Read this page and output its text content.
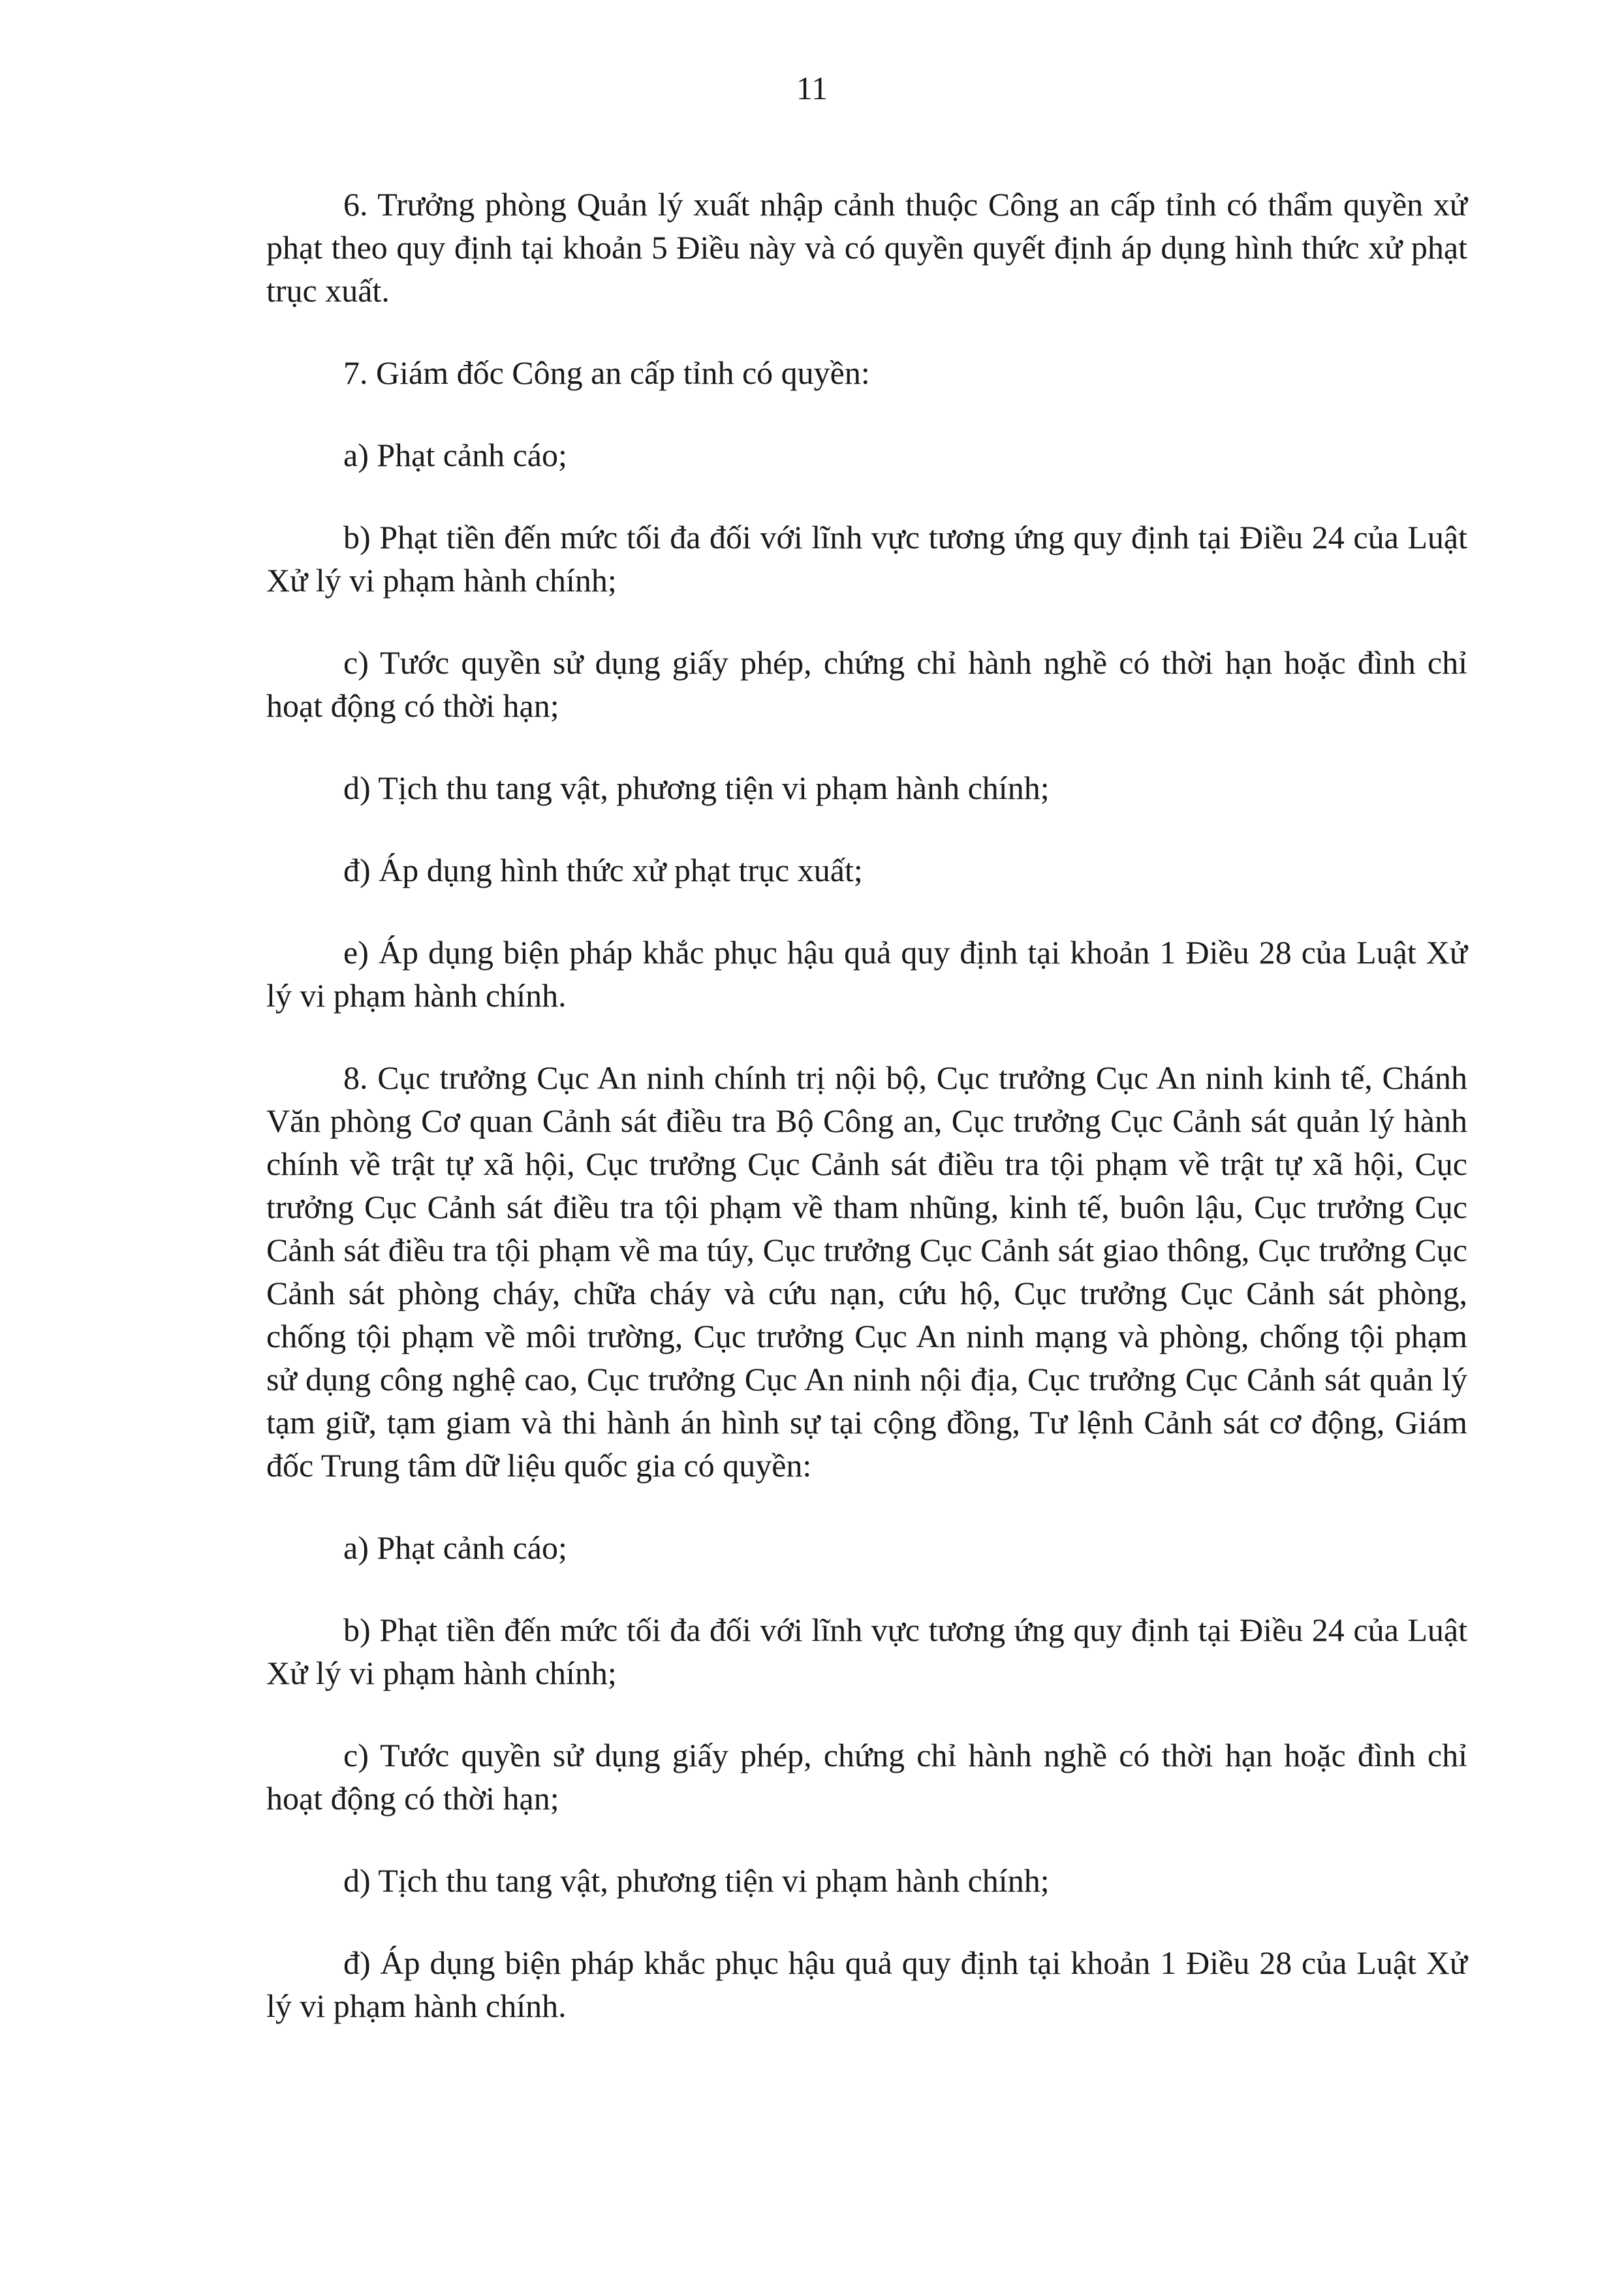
11

6. Trưởng phòng Quản lý xuất nhập cảnh thuộc Công an cấp tỉnh có thẩm quyền xử phạt theo quy định tại khoản 5 Điều này và có quyền quyết định áp dụng hình thức xử phạt trục xuất.

7. Giám đốc Công an cấp tỉnh có quyền:

a) Phạt cảnh cáo;

b) Phạt tiền đến mức tối đa đối với lĩnh vực tương ứng quy định tại Điều 24 của Luật Xử lý vi phạm hành chính;

c) Tước quyền sử dụng giấy phép, chứng chỉ hành nghề có thời hạn hoặc đình chỉ hoạt động có thời hạn;

d) Tịch thu tang vật, phương tiện vi phạm hành chính;

đ) Áp dụng hình thức xử phạt trục xuất;

e) Áp dụng biện pháp khắc phục hậu quả quy định tại khoản 1 Điều 28 của Luật Xử lý vi phạm hành chính.

8. Cục trưởng Cục An ninh chính trị nội bộ, Cục trưởng Cục An ninh kinh tế, Chánh Văn phòng Cơ quan Cảnh sát điều tra Bộ Công an, Cục trưởng Cục Cảnh sát quản lý hành chính về trật tự xã hội, Cục trưởng Cục Cảnh sát điều tra tội phạm về trật tự xã hội, Cục trưởng Cục Cảnh sát điều tra tội phạm về tham nhũng, kinh tế, buôn lậu, Cục trưởng Cục Cảnh sát điều tra tội phạm về ma túy, Cục trưởng Cục Cảnh sát giao thông, Cục trưởng Cục Cảnh sát phòng cháy, chữa cháy và cứu nạn, cứu hộ, Cục trưởng Cục Cảnh sát phòng, chống tội phạm về môi trường, Cục trưởng Cục An ninh mạng và phòng, chống tội phạm sử dụng công nghệ cao, Cục trưởng Cục An ninh nội địa, Cục trưởng Cục Cảnh sát quản lý tạm giữ, tạm giam và thi hành án hình sự tại cộng đồng, Tư lệnh Cảnh sát cơ động, Giám đốc Trung tâm dữ liệu quốc gia có quyền:

a) Phạt cảnh cáo;

b) Phạt tiền đến mức tối đa đối với lĩnh vực tương ứng quy định tại Điều 24 của Luật Xử lý vi phạm hành chính;

c) Tước quyền sử dụng giấy phép, chứng chỉ hành nghề có thời hạn hoặc đình chỉ hoạt động có thời hạn;

d) Tịch thu tang vật, phương tiện vi phạm hành chính;

đ) Áp dụng biện pháp khắc phục hậu quả quy định tại khoản 1 Điều 28 của Luật Xử lý vi phạm hành chính.
